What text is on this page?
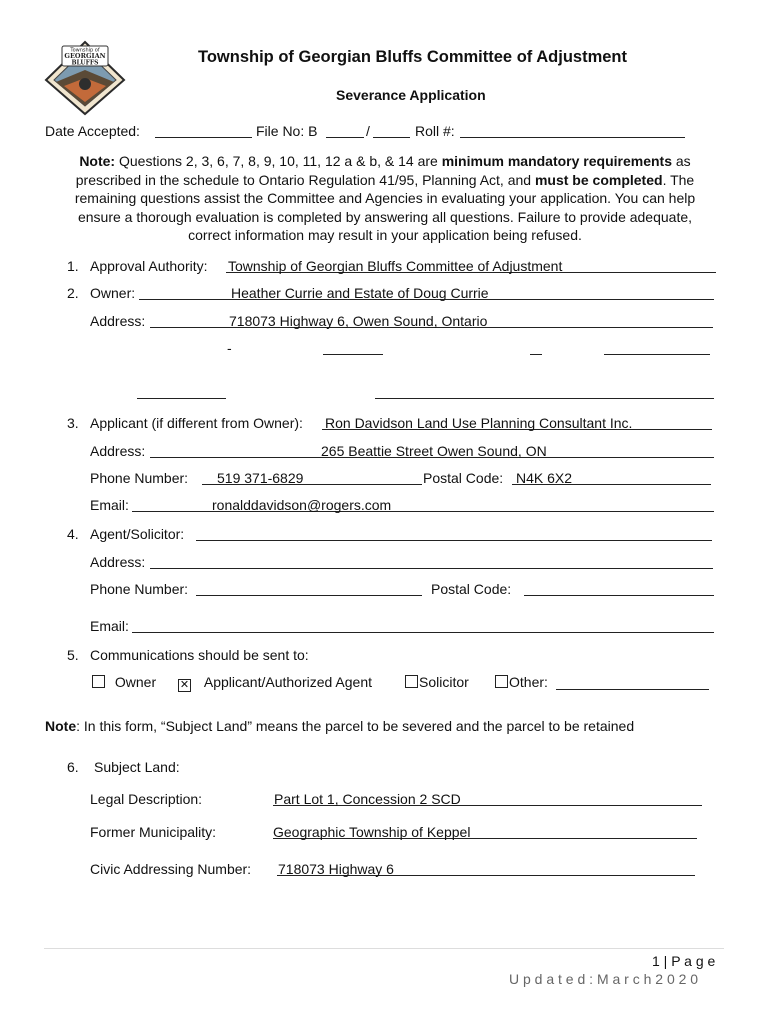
Township of
GEORGIAN
BLUFFS	Township of Georgian Bluffs Committee of Adjustment
Severance Application
Date Accepted:	File No: B	/	Roll #:
Note: Questions 2, 3, 6, 7, 8, 9, 10, 11, 12 a & b, & 14 are minimum mandatory requirements as
prescribed in the schedule to Ontario Regulation 41/95, Planning Act, and must be completed. The
remaining questions assist the Committee and Agencies in evaluating your application. You can help
ensure a thorough evaluation is completed by answering all questions. Failure to provide adequate,
correct information may result in your application being refused.
1. Approval Authority: Township of Georgian Bluffs Committee of Adjustment
2. Owner:	Heather Currie and Estate of Doug Currie
Address:	718073 Highway 6, Owen Sound, Ontario
-
3. Applicant (if different from Owner): Ron Davidson Land Use Planning Consultant Inc.
Address:	265 Beattie Street Owen Sound, ON
Phone Number: 519 371-6829	Postal Code: N4K 6X2
Email:	ronalddavidson@rogers.com
4. Agent/Solicitor:
Address:
Phone Number:	Postal Code:
Email:
5. Communications should be sent to:
Owner ✕ Applicant/Authorized Agent	Solicitor	Other:
Note: In this form, “Subject Land” means the parcel to be severed and the parcel to be retained
6. Subject Land:
Legal Description:	Part Lot 1, Concession 2 SCD
Former Municipality:	Geographic Township of Keppel
Civic Addressing Number: 718073 Highway 6
1 | P a g e
U p d a t e d : M a r c h 2 0 2 0
